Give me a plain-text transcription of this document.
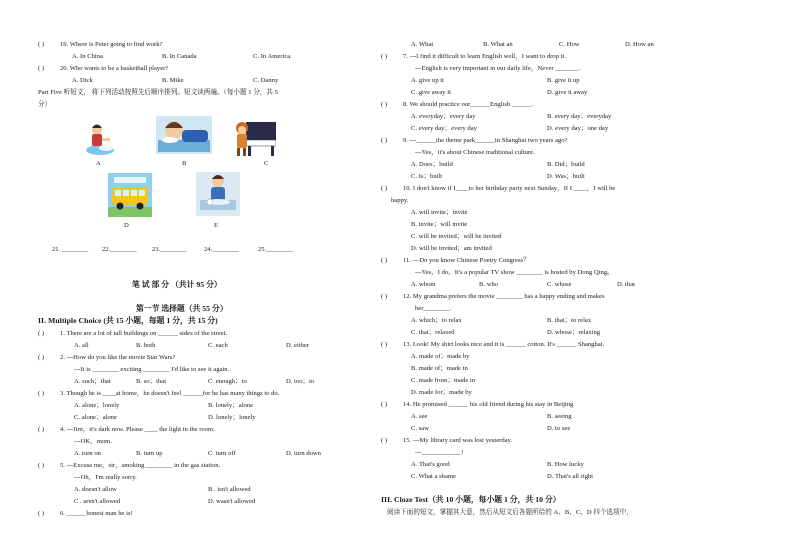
( ) 19. Where is Peter going to find work?
A. In China	B. In Canada	C. In America.
( ) 20. Who wants to be a basketball player?
A. Dick	B. Mike	C. Danny
Part Five 听短文， 将下列活动按照先后顺序排列。短文读两遍。（每小题 1 分，共 5
分）
A	B	C
D	E
21. ________ 22.________ 23.________	24.________	25.________
笔 试 部 分 （共计 95 分）
第一节 选择题（共 55 分）
II. Multiple Choice (共 15 小题，每题 1 分，共 15 分)
( ) 1. There are a lot of tall buildings on ______ sides of the street.
A. all	B. both	C. each	D. either
( ) 2. ---How do you like the movie Star Wars?
---It is ________ exciting ________ I'd like to see it again.
A. such；that	B. so；that	C. enough；to	D. too；to
( ) 3. Though he is ____at home，he doesn't feel ______for he has many things to do.
A. alone；lonely	B. lonely；alone
C. alone；alone	D. lonely；lonely
( ) 4. ---Jim，it's dark now. Please ____ the light in the room.
---OK，mom.
A. turn on	B. turn up	C. turn off	D. turn down
( ) 5. ---Excuse me，sir，smoking ________ in the gas station.
---Oh，I'm really sorry.
A. doesn't allow	B . isn't allowed
C . aren't allowed	D. wasn't allowed
( ) 6. ______honest man he is!
A. What	B. What an	C. How	D. How an
( ) 7. ---I find it difficult to learn English well，I want to drop it.
---English is very important in our daily life，Never _______.
A. give up it	B. give it up
C. give away it	D. give it away
( ) 8. We should practice our______English ______.
A. everyday；every day	B. every day；everyday
C. every day；every day	D. every day；one day
( ) 9. ---______the theme park______in Shanghai two years ago?
---Yes，it's about Chinese traditional culture.
A. Does；build	B. Did；build
C. Is；built	D. Was；built
( ) 10. I don't know if I____to her birthday party next Sunday，If I ____，I will be
happy.
A. will invite；invite
B. invite；will invite
C. will be invited；will be invited
D. will be invited；am invited
( ) 11. ---Do you know Chinese Poetry Congress？
---Yes，I do。It's a popular TV show ________ is hosted by Dong Qing。
A. whom	B. who	C. whose	D. that
( ) 12. My grandma prefers the movie ________ has a happy ending and makes
her________.
A. which；to relax	B. that；to relax
C. that；relaxed	D. whose；relaxing
( ) 13. Look! My shirt looks nice and it is ______ cotton. It's ______ Shanghai.
A. made of；made by
B. made of；made in
C. made from；made in
D. made for；made by
( ) 14. He promised ______ his old friend during his stay in Beijing
A. see	B. seeing
C. saw	D. to see
( ) 15. ---My library card was lost yesterday.
---____________!
A. That's good	B. How lucky
C. What a shame	D. That's all right
III. Cloze Test（共 10 小题，每小题 1 分，共 10 分）
阅读下面的短文，掌握其大意，然后从短文后各题所给的 A、B、C、D 四个选项中，
